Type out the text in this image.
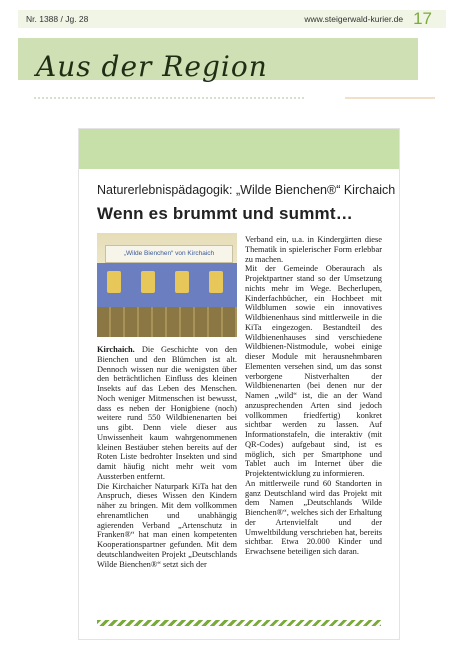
Nr. 1388 / Jg. 28	www.steigerwald-kurier.de 17
Aus der Region
Naturerlebnispädagogik: „Wilde Bienchen®“ Kirchaich
Wenn es brummt und summt…
„Wilde Bienchen“ von Kirchaich

Kirchaich. Die Geschichte von den Bienchen und den Blümchen ist alt. Dennoch wissen nur die wenigsten über den beträchtlichen Einfluss des kleinen Insekts auf das Leben des Menschen. Noch weniger Mitmenschen ist bewusst, dass es neben der Honigbiene (noch) weitere rund 550 Wildbienenarten bei uns gibt. Denn viele dieser aus Unwissenheit kaum wahrgenommenen kleinen Bestäuber stehen bereits auf der Roten Liste bedrohter Insekten und sind damit häufig nicht mehr weit vom Aussterben entfernt.

Die Kirchaicher Naturpark KiTa hat den Anspruch, dieses Wissen den Kindern näher zu bringen. Mit dem vollkommen ehrenamtlichen und unabhängig agierenden Verband „Artenschutz in Franken®“ hat man einen kompetenten Kooperationspartner gefunden. Mit dem deutschlandweiten Projekt „Deutschlands Wilde Bienchen®“ setzt sich der

Verband ein, u.a. in Kindergärten diese Thematik in spielerischer Form erlebbar zu machen.

Mit der Gemeinde Oberaurach als Projektpartner stand so der Umsetzung nichts mehr im Wege. Becherlupen, Kinderfachbücher, ein Hochbeet mit Wildblumen sowie ein innovatives Wildbienenhaus sind mittlerweile in die KiTa eingezogen. Bestandteil des Wildbienenhauses sind verschiedene Wildbienen-Nistmodule, wobei einige dieser Module mit herausnehmbaren Elementen versehen sind, um das sonst verborgene Nistverhalten der Wildbienenarten (bei denen nur der Namen „wild“ ist, die an der Wand anzusprechenden Arten sind jedoch vollkommen friedfertig) konkret sichtbar werden zu lassen. Auf Informationstafeln, die interaktiv (mit QR-Codes) aufgebaut sind, ist es möglich, sich per Smartphone und Tablet auch im Internet über die Projektentwicklung zu informieren.

An mittlerweile rund 60 Standorten in ganz Deutschland wird das Projekt mit dem Namen „Deutschlands Wilde Bienchen®“, welches sich der Erhaltung der Artenvielfalt und der Umweltbildung verschrieben hat, bereits sichtbar. Etwa 20.000 Kinder und Erwachsene beteiligen sich daran.
